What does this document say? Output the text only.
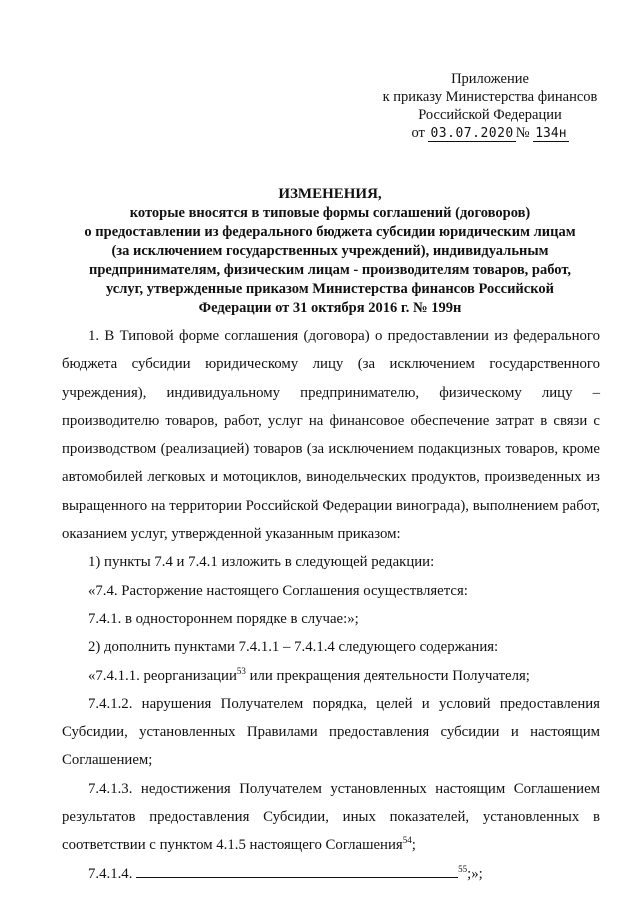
Приложение
к приказу Министерства финансов
Российской Федерации
от 03.07.2020 № 134н
ИЗМЕНЕНИЯ,
которые вносятся в типовые формы соглашений (договоров)
о предоставлении из федерального бюджета субсидии юридическим лицам
(за исключением государственных учреждений), индивидуальным
предпринимателям, физическим лицам - производителям товаров, работ,
услуг, утвержденные приказом Министерства финансов Российской
Федерации от 31 октября 2016 г. № 199н

1. В Типовой форме соглашения (договора) о предоставлении из федерального бюджета субсидии юридическому лицу (за исключением государственного учреждения), индивидуальному предпринимателю, физическому лицу – производителю товаров, работ, услуг на финансовое обеспечение затрат в связи с производством (реализацией) товаров (за исключением подакцизных товаров, кроме автомобилей легковых и мотоциклов, винодельческих продуктов, произведенных из выращенного на территории Российской Федерации винограда), выполнением работ, оказанием услуг, утвержденной указанным приказом:

1) пункты 7.4 и 7.4.1 изложить в следующей редакции:

«7.4. Расторжение настоящего Соглашения осуществляется:

7.4.1. в одностороннем порядке в случае:»;

2) дополнить пунктами 7.4.1.1 – 7.4.1.4 следующего содержания:

«7.4.1.1. реорганизации$^{53}$ или прекращения деятельности Получателя;

7.4.1.2. нарушения Получателем порядка, целей и условий предоставления Субсидии, установленных Правилами предоставления субсидии и настоящим Соглашением;

7.4.1.3. недостижения Получателем установленных настоящим Соглашением результатов предоставления Субсидии, иных показателей, установленных в соответствии с пунктом 4.1.5 настоящего Соглашения$^{54}$;

7.4.1.4.	$^{55}$;»;
